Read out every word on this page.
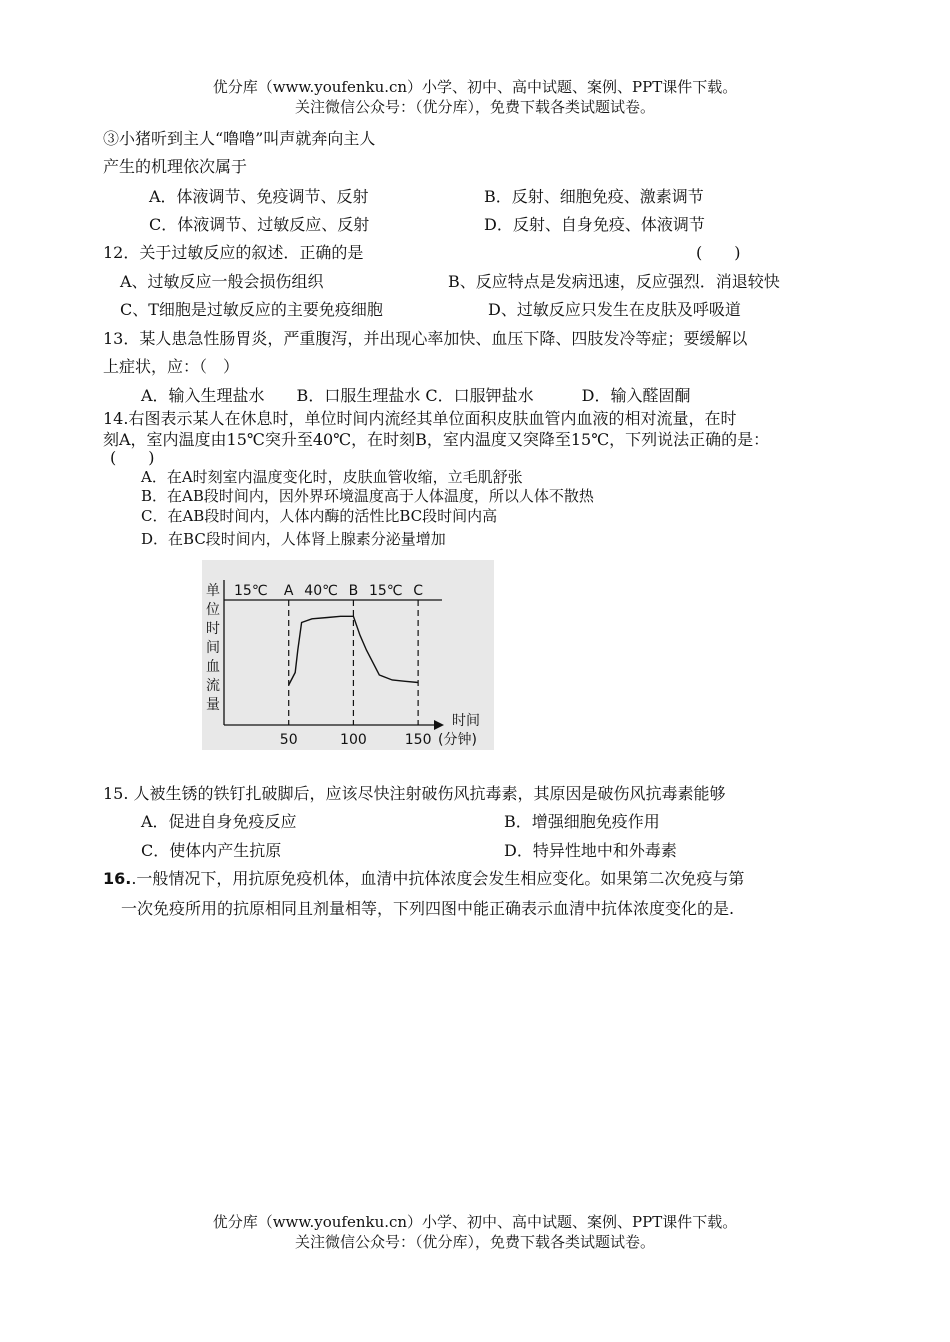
优分库（www.youfenku.cn）小学、初中、高中试题、案例、PPT课件下载。
关注微信公众号：（优分库），免费下载各类试题试卷。
③小猪听到主人“噜噜”叫声就奔向主人
产生的机理依次属于
A．体液调节、免疫调节、反射	B．反射、细胞免疫、激素调节
C．体液调节、过敏反应、反射	D．反射、自身免疫、体液调节
12．关于过敏反应的叙述．正确的是	(　　)
A、过敏反应一般会损伤组织	B、反应特点是发病迅速，反应强烈．消退较快
C、T细胞是过敏反应的主要免疫细胞	D、过敏反应只发生在皮肤及呼吸道
13．某人患急性肠胃炎，严重腹泻，并出现心率加快、血压下降、四肢发冷等症；要缓解以
上症状，应：（　）
A．输入生理盐水　　B．口服生理盐水 C．口服钾盐水　　　D．输入醛固酮
14.右图表示某人在休息时，单位时间内流经其单位面积皮肤血管内血液的相对流量，在时
刻A，室内温度由15℃突升至40℃，在时刻B，室内温度又突降至15℃，下列说法正确的是：
(　　)
A．在A时刻室内温度变化时，皮肤血管收缩，立毛肌舒张
B．在AB段时间内，因外界环境温度高于人体温度，所以人体不散热
C．在AB段时间内，人体内酶的活性比BC段时间内高
D．在BC段时间内，人体肾上腺素分泌量增加
单位时间血流量
50	100	150
15℃ A 40℃ B 15℃ C
时间
(分钟)
15. 人被生锈的铁钉扎破脚后，应该尽快注射破伤风抗毒素，其原因是破伤风抗毒素能够
A．促进自身免疫反应	B．增强细胞免疫作用
C．使体内产生抗原	D．特异性地中和外毒素
16..一般情况下，用抗原免疫机体，血清中抗体浓度会发生相应变化。如果第二次免疫与第
一次免疫所用的抗原相同且剂量相等，下列四图中能正确表示血清中抗体浓度变化的是.
优分库（www.youfenku.cn）小学、初中、高中试题、案例、PPT课件下载。
关注微信公众号：（优分库），免费下载各类试题试卷。
